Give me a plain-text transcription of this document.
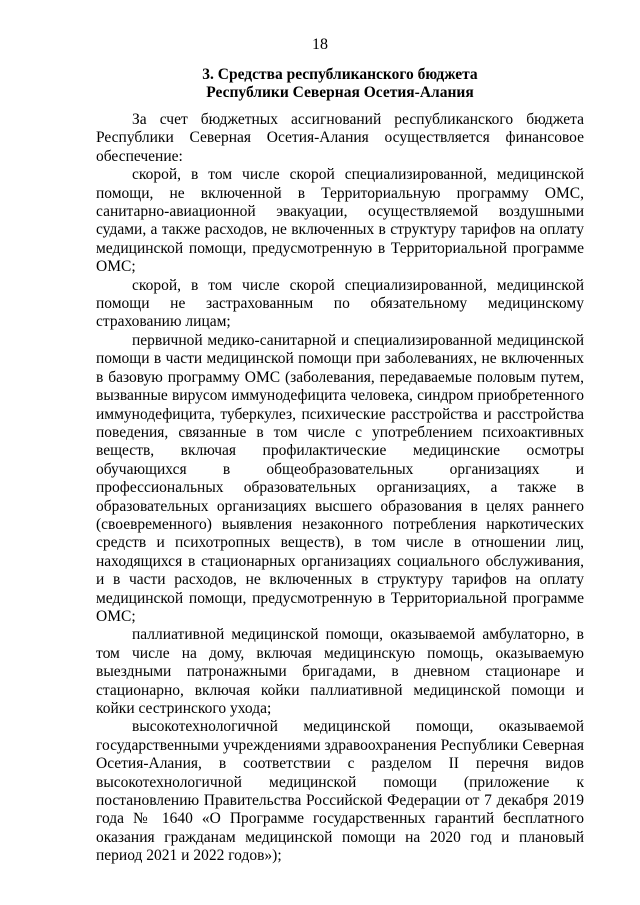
18
3. Средства республиканского бюджета
Республики Северная Осетия-Алания

За счет бюджетных ассигнований республиканского бюджета Республики Северная Осетия-Алания осуществляется финансовое обеспечение:

скорой, в том числе скорой специализированной, медицинской помощи, не включенной в Территориальную программу ОМС, санитарно-авиационной эвакуации, осуществляемой воздушными судами, а также расходов, не включенных в структуру тарифов на оплату медицинской помощи, предусмотренную в Территориальной программе ОМС;

скорой, в том числе скорой специализированной, медицинской помощи не застрахованным по обязательному медицинскому страхованию лицам;

первичной медико-санитарной и специализированной медицинской помощи в части медицинской помощи при заболеваниях, не включенных в базовую программу ОМС (заболевания, передаваемые половым путем, вызванные вирусом иммунодефицита человека, синдром приобретенного иммунодефицита, туберкулез, психические расстройства и расстройства поведения, связанные в том числе с употреблением психоактивных веществ, включая профилактические медицинские осмотры обучающихся в общеобразовательных организациях и профессиональных образовательных организациях, а также в образовательных организациях высшего образования в целях раннего (своевременного) выявления незаконного потребления наркотических средств и психотропных веществ), в том числе в отношении лиц, находящихся в стационарных организациях социального обслуживания, и в части расходов, не включенных в структуру тарифов на оплату медицинской помощи, предусмотренную в Территориальной программе ОМС;

паллиативной медицинской помощи, оказываемой амбулаторно, в том числе на дому, включая медицинскую помощь, оказываемую выездными патронажными бригадами, в дневном стационаре и стационарно, включая койки паллиативной медицинской помощи и койки сестринского ухода;

высокотехнологичной медицинской помощи, оказываемой государственными учреждениями здравоохранения Республики Северная Осетия-Алания, в соответствии с разделом II перечня видов высокотехнологичной медицинской помощи (приложение к постановлению Правительства Российской Федерации от 7 декабря 2019 года № 1640 «О Программе государственных гарантий бесплатного оказания гражданам медицинской помощи на 2020 год и плановый период 2021 и 2022 годов»);
